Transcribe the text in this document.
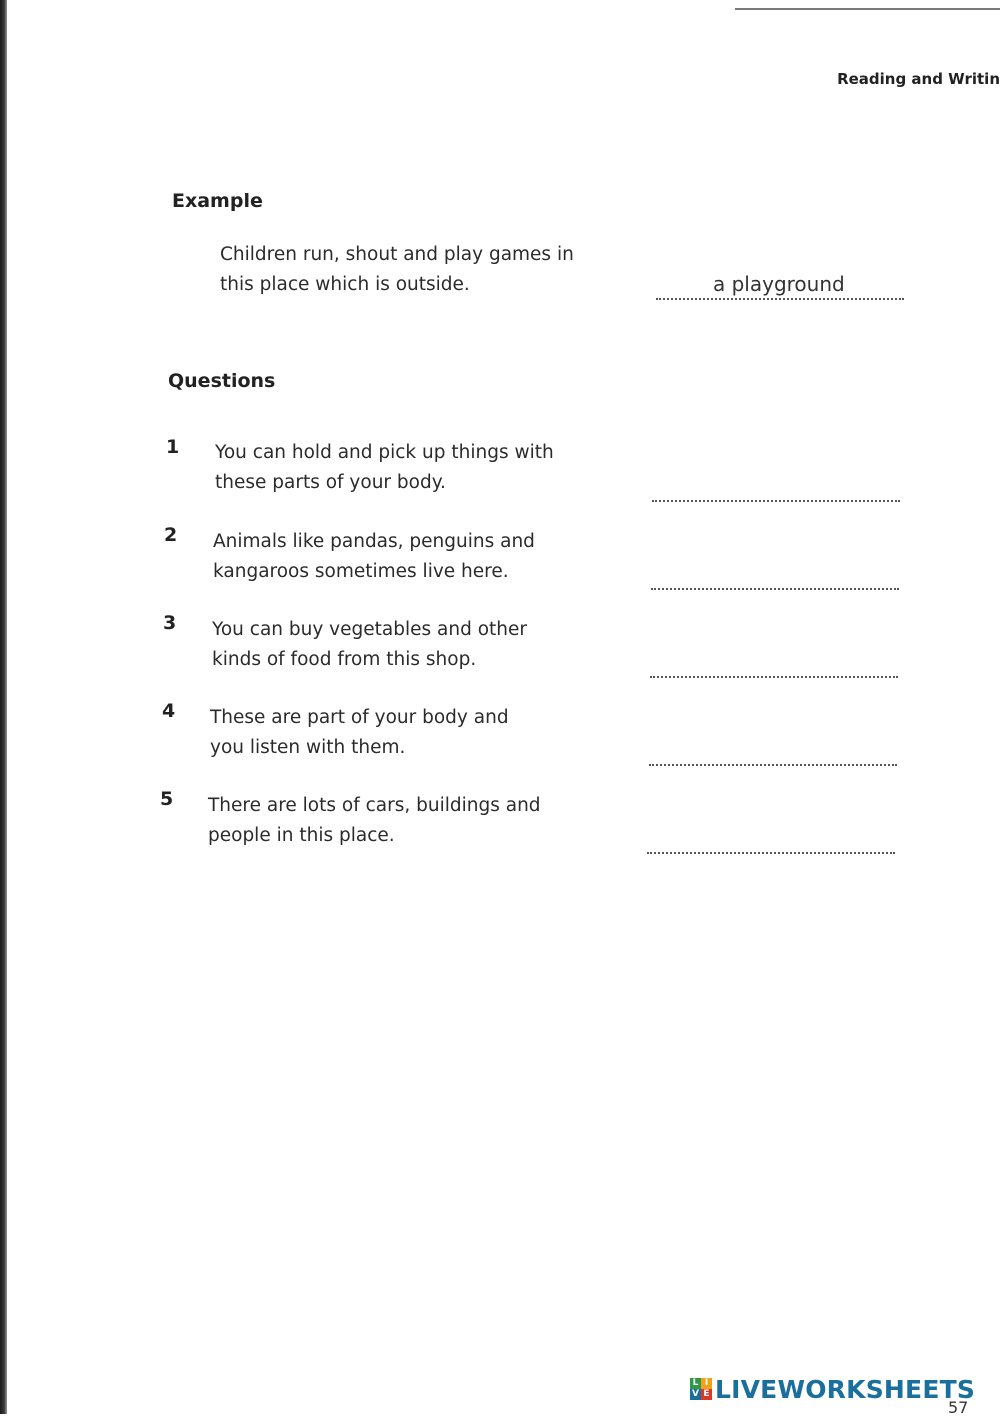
Reading and Writin
Example
Children run, shout and play games in
this place which is outside.	a playground
Questions
1 You can hold and pick up things with
these parts of your body.
2 Animals like pandas, penguins and
kangaroos sometimes live here.
3 You can buy vegetables and other
kinds of food from this shop.
4 These are part of your body and
you listen with them.
5 There are lots of cars, buildings and
people in this place.
L I
V E LIVEWORKSHEETS
57
